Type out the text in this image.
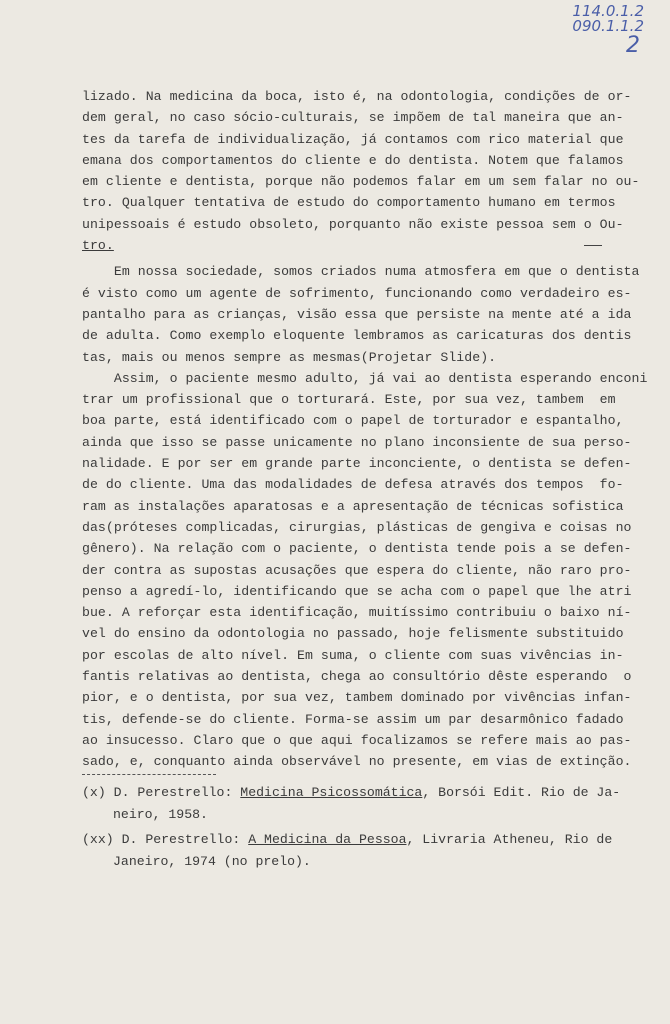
114.0.1.2
090.1.1.2
2
lizado. Na medicina da boca, isto é, na odontologia, condições de or-
dem geral, no caso sócio-culturais, se impõem de tal maneira que an-
tes da tarefa de individualização, já contamos com rico material que
emana dos comportamentos do cliente e do dentista. Notem que falamos
em cliente e dentista, porque não podemos falar em um sem falar no ou-
tro. Qualquer tentativa de estudo do comportamento humano em termos
unipessoais é estudo obsoleto, porquanto não existe pessoa sem o Ou-
tro.
Em nossa sociedade, somos criados numa atmosfera em que o dentista
é visto como um agente de sofrimento, funcionando como verdadeiro es-
pantalho para as crianças, visão essa que persiste na mente até a ida
de adulta. Como exemplo eloquente lembramos as caricaturas dos dentis
tas, mais ou menos sempre as mesmas(Projetar Slide).
Assim, o paciente mesmo adulto, já vai ao dentista esperando enconi
trar um profissional que o torturará. Este, por sua vez, tambem  em
boa parte, está identificado com o papel de torturador e espantalho,
ainda que isso se passe unicamente no plano inconsiente de sua perso-
nalidade. E por ser em grande parte inconciente, o dentista se defen-
de do cliente. Uma das modalidades de defesa através dos tempos  fo-
ram as instalações aparatosas e a apresentação de técnicas sofistica
das(próteses complicadas, cirurgias, plásticas de gengiva e coisas no
gênero). Na relação com o paciente, o dentista tende pois a se defen-
der contra as supostas acusações que espera do cliente, não raro pro-
penso a agredí-lo, identificando que se acha com o papel que lhe atri
bue. A reforçar esta identificação, muitíssimo contribuiu o baixo ní-
vel do ensino da odontologia no passado, hoje felismente substituido
por escolas de alto nível. Em suma, o cliente com suas vivências in-
fantis relativas ao dentista, chega ao consultório dêste esperando  o
pior, e o dentista, por sua vez, tambem dominado por vivências infan-
tis, defende-se do cliente. Forma-se assim um par desarmônico fadado
ao insucesso. Claro que o que aqui focalizamos se refere mais ao pas-
sado, e, conquanto ainda observável no presente, em vias de extinção.
(x) D. Perestrello: Medicina Psicossomática, Borsói Edit. Rio de Ja-
neiro, 1958.
(xx) D. Perestrello: A Medicina da Pessoa, Livraria Atheneu, Rio de
Janeiro, 1974 (no prelo).
